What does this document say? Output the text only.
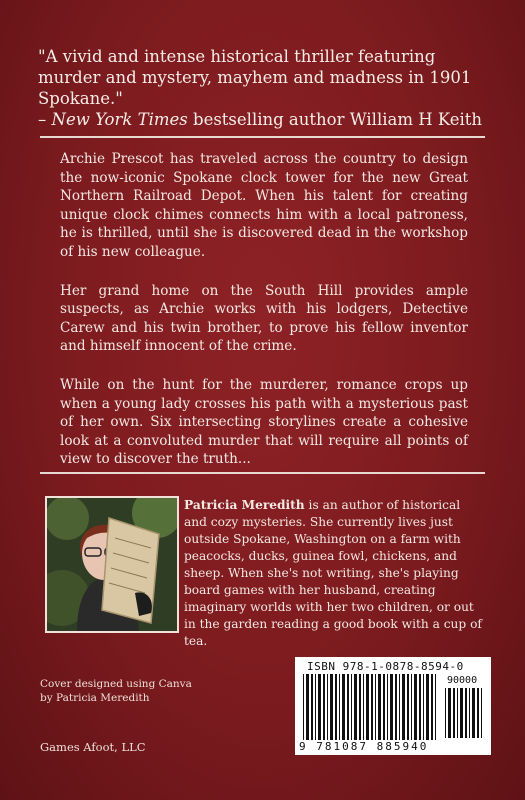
"A vivid and intense historical thriller featuring murder and mystery, mayhem and madness in 1901 Spokane."
– New York Times bestselling author William H Keith

Archie Prescot has traveled across the country to design the now-iconic Spokane clock tower for the new Great Northern Railroad Depot. When his talent for creating unique clock chimes connects him with a local patroness, he is thrilled, until she is discovered dead in the workshop of his new colleague.

Her grand home on the South Hill provides ample suspects, as Archie works with his lodgers, Detective Carew and his twin brother, to prove his fellow inventor and himself innocent of the crime.

While on the hunt for the murderer, romance crops up when a young lady crosses his path with a mysterious past of her own. Six intersecting storylines create a cohesive look at a convoluted murder that will require all points of view to discover the truth...

Patricia Meredith is an author of historical and cozy mysteries. She currently lives just outside Spokane, Washington on a farm with peacocks, ducks, guinea fowl, chickens, and sheep. When she's not writing, she's playing board games with her husband, creating imaginary worlds with her two children, or out in the garden reading a good book with a cup of tea.
Cover designed using Canva
by Patricia Meredith
Games Afoot, LLC
ISBN 978-1-0878-8594-0
90000
9 781087 885940
